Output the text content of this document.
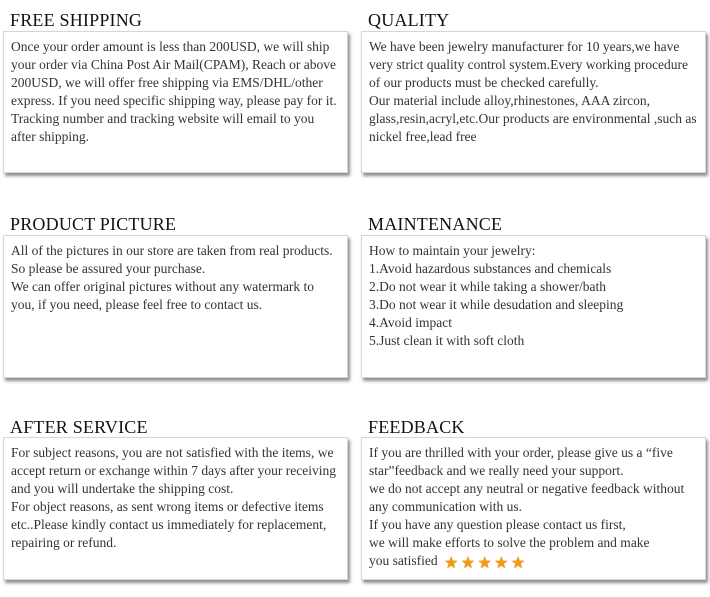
FREE SHIPPING

Once your order amount is less than 200USD, we will ship your order via China Post Air Mail(CPAM), Reach or above 200USD, we will offer free shipping via EMS/DHL/other express. If you need specific shipping way, please pay for it.

Tracking number and tracking website will email to you after shipping.

QUALITY

We have been jewelry manufacturer for 10 years,we have very strict quality control system.Every working procedure of our products must be checked carefully.

Our material include alloy,rhinestones, AAA zircon, glass,resin,acryl,etc.Our products are environmental ,such as nickel free,lead free

PRODUCT PICTURE

All of the pictures in our store are taken from real products. So please be assured your purchase.

We can offer original pictures without any watermark to you, if you need, please feel free to contact us.

MAINTENANCE

How to maintain your jewelry:

1.Avoid hazardous substances and chemicals

2.Do not wear it while taking a shower/bath

3.Do not wear it while desudation and sleeping

4.Avoid impact

5.Just clean it with soft cloth

AFTER SERVICE

For subject reasons, you are not satisfied with the items, we accept return or exchange within 7 days after your receiving and you will undertake the shipping cost.

For object reasons, as sent wrong items or defective items etc..Please kindly contact us immediately for replacement, repairing or refund.

FEEDBACK

If you are thrilled with your order, please give us a “five star”feedback and we really need your support.

we do not accept any neutral or negative feedback without any communication with us.

If you have any question please contact us first,

we will make efforts to solve the problem and make

you satisfied ★ ★ ★ ★ ★
